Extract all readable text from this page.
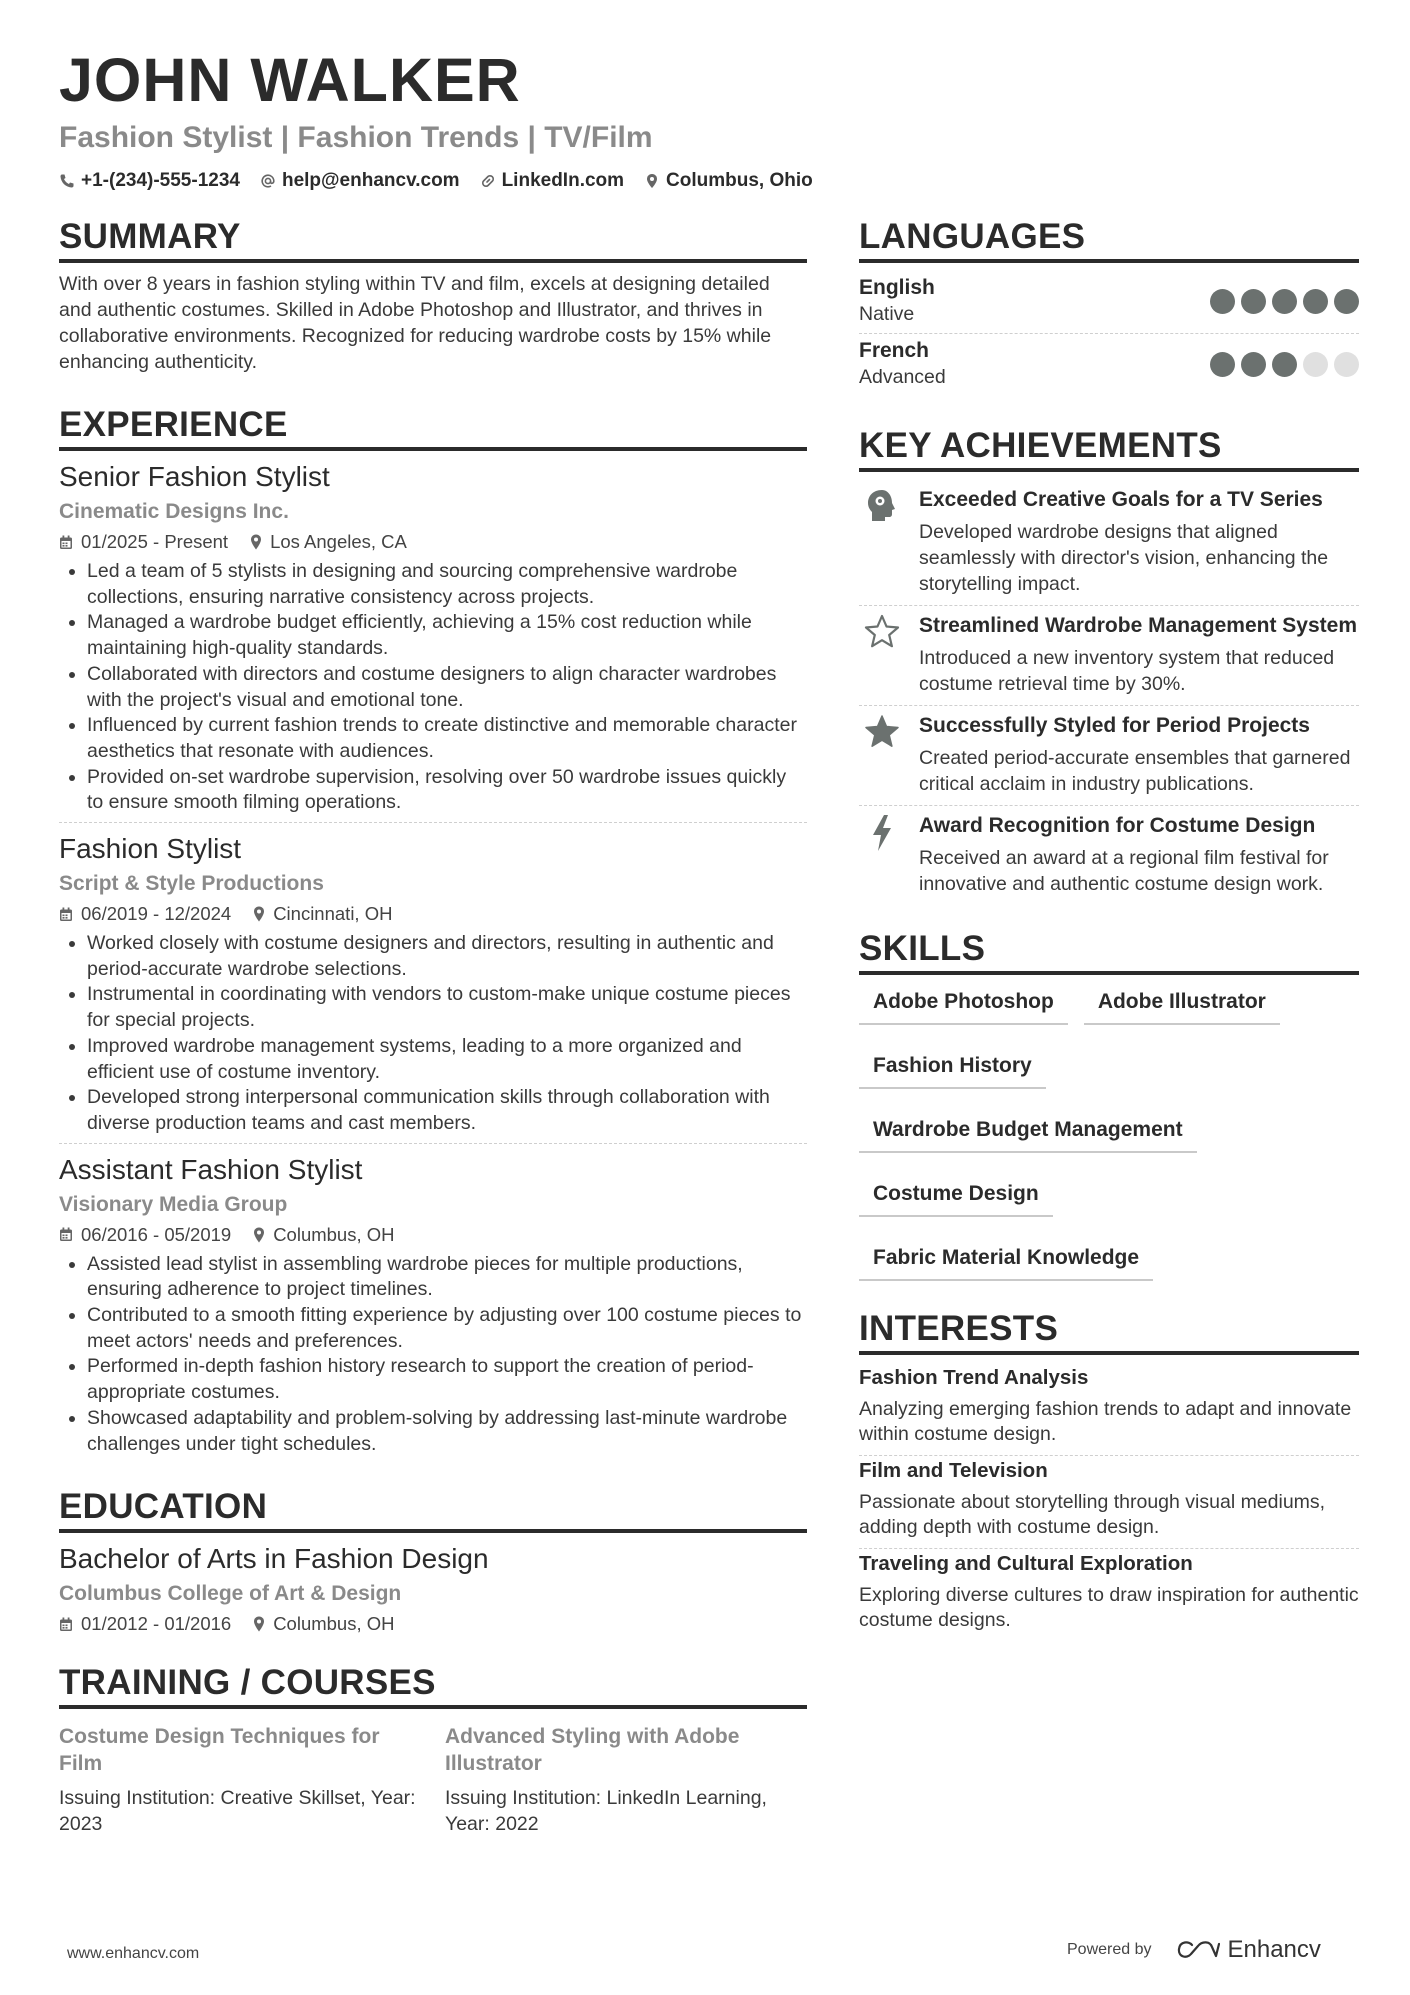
JOHN WALKER
Fashion Stylist | Fashion Trends | TV/Film
+1-(234)-555-1234 help@enhancv.com LinkedIn.com Columbus, Ohio
SUMMARY
With over 8 years in fashion styling within TV and film, excels at designing detailed and authentic costumes. Skilled in Adobe Photoshop and Illustrator, and thrives in collaborative environments. Recognized for reducing wardrobe costs by 15% while enhancing authenticity.
EXPERIENCE
Senior Fashion Stylist
Cinematic Designs Inc.
01/2025 - Present Los Angeles, CA
• Led a team of 5 stylists in designing and sourcing comprehensive wardrobe collections, ensuring narrative consistency across projects.
• Managed a wardrobe budget efficiently, achieving a 15% cost reduction while maintaining high-quality standards.
• Collaborated with directors and costume designers to align character wardrobes with the project's visual and emotional tone.
• Influenced by current fashion trends to create distinctive and memorable character aesthetics that resonate with audiences.
• Provided on-set wardrobe supervision, resolving over 50 wardrobe issues quickly to ensure smooth filming operations.
Fashion Stylist
Script & Style Productions
06/2019 - 12/2024 Cincinnati, OH
• Worked closely with costume designers and directors, resulting in authentic and period-accurate wardrobe selections.
• Instrumental in coordinating with vendors to custom-make unique costume pieces for special projects.
• Improved wardrobe management systems, leading to a more organized and efficient use of costume inventory.
• Developed strong interpersonal communication skills through collaboration with diverse production teams and cast members.
Assistant Fashion Stylist
Visionary Media Group
06/2016 - 05/2019 Columbus, OH
• Assisted lead stylist in assembling wardrobe pieces for multiple productions, ensuring adherence to project timelines.
• Contributed to a smooth fitting experience by adjusting over 100 costume pieces to meet actors' needs and preferences.
• Performed in-depth fashion history research to support the creation of period-appropriate costumes.
• Showcased adaptability and problem-solving by addressing last-minute wardrobe challenges under tight schedules.
EDUCATION
Bachelor of Arts in Fashion Design
Columbus College of Art & Design
01/2012 - 01/2016 Columbus, OH
TRAINING / COURSES
Costume Design Techniques for Film
Issuing Institution: Creative Skillset, Year: 2023
Advanced Styling with Adobe Illustrator
Issuing Institution: LinkedIn Learning, Year: 2022
LANGUAGES
English
Native
French
Advanced
KEY ACHIEVEMENTS
Exceeded Creative Goals for a TV Series
Developed wardrobe designs that aligned seamlessly with director's vision, enhancing the storytelling impact.
Streamlined Wardrobe Management System
Introduced a new inventory system that reduced costume retrieval time by 30%.
Successfully Styled for Period Projects
Created period-accurate ensembles that garnered critical acclaim in industry publications.
Award Recognition for Costume Design
Received an award at a regional film festival for innovative and authentic costume design work.
SKILLS
Adobe Photoshop	Adobe Illustrator
Fashion History
Wardrobe Budget Management
Costume Design
Fabric Material Knowledge
INTERESTS
Fashion Trend Analysis
Analyzing emerging fashion trends to adapt and innovate within costume design.
Film and Television
Passionate about storytelling through visual mediums, adding depth with costume design.
Traveling and Cultural Exploration
Exploring diverse cultures to draw inspiration for authentic costume designs.
www.enhancv.com	Powered by	Enhancv
